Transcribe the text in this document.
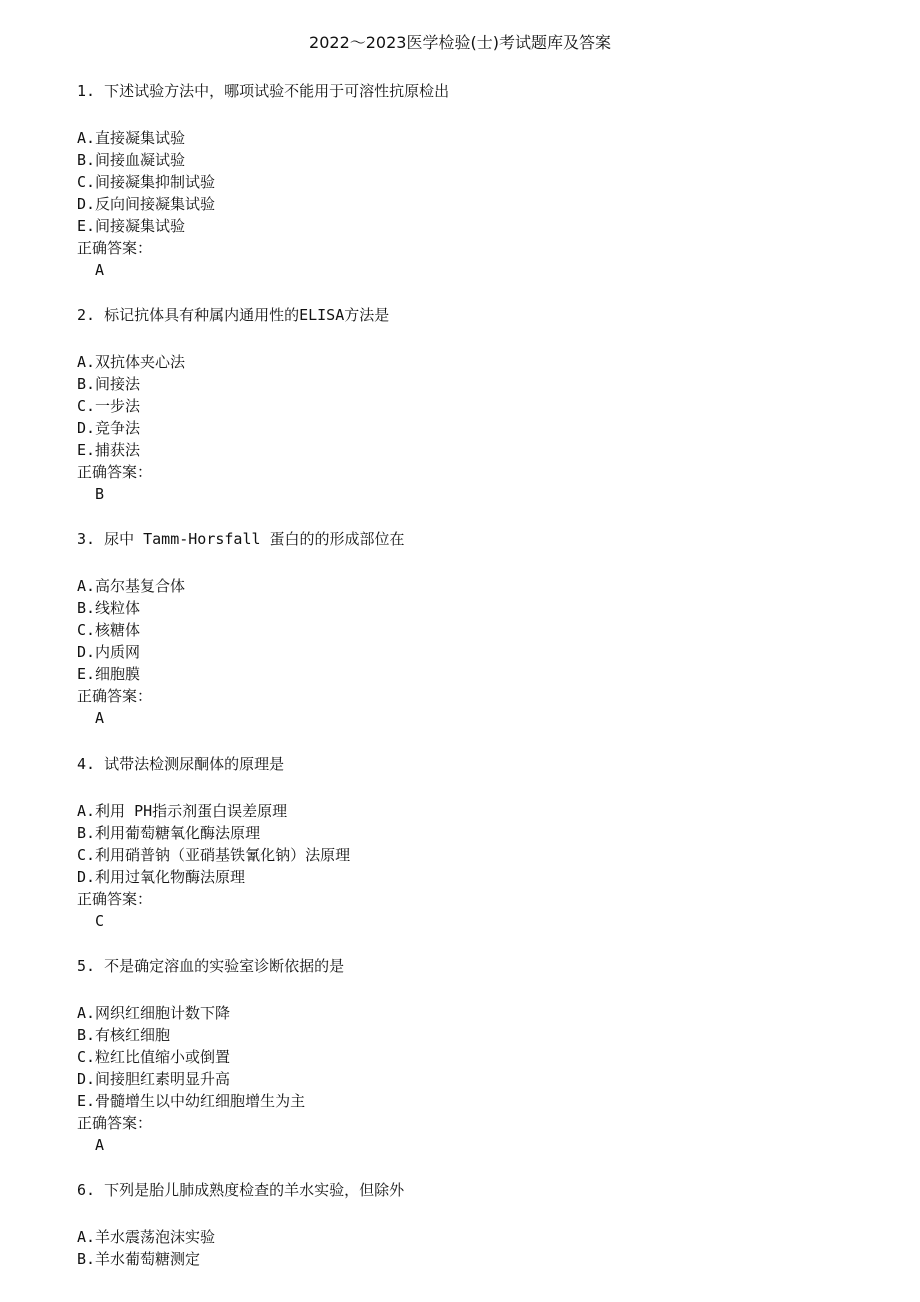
2022～2023医学检验(士)考试题库及答案
1. 下述试验方法中，哪项试验不能用于可溶性抗原检出
A.直接凝集试验
B.间接血凝试验
C.间接凝集抑制试验
D.反向间接凝集试验
E.间接凝集试验
正确答案：
A
2. 标记抗体具有种属内通用性的ELISA方法是
A.双抗体夹心法
B.间接法
C.一步法
D.竞争法
E.捕获法
正确答案：
B
3. 尿中 Tamm-Horsfall 蛋白的的形成部位在
A.高尔基复合体
B.线粒体
C.核糖体
D.内质网
E.细胞膜
正确答案：
A
4. 试带法检测尿酮体的原理是
A.利用 PH指示剂蛋白误差原理
B.利用葡萄糖氧化酶法原理
C.利用硝普钠（亚硝基铁氰化钠）法原理
D.利用过氧化物酶法原理
正确答案：
C
5. 不是确定溶血的实验室诊断依据的是
A.网织红细胞计数下降
B.有核红细胞
C.粒红比值缩小或倒置
D.间接胆红素明显升高
E.骨髓增生以中幼红细胞增生为主
正确答案：
A
6. 下列是胎儿肺成熟度检查的羊水实验，但除外
A.羊水震荡泡沫实验
B.羊水葡萄糖测定
